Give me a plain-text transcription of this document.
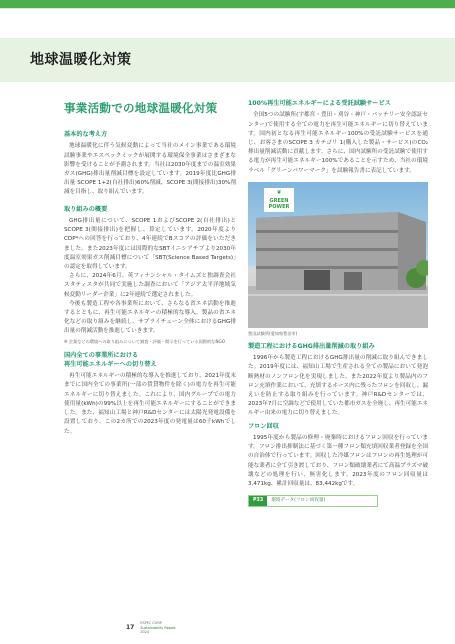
地球温暖化対策
事業活動での地球温暖化対策
基本的な考え方

地球温暖化に伴う気候変動によって当社のメイン事業である環境試験事業やエスペックミックが展開する環境保全事業はさまざまな影響を受けることが予測されます。当社は2030年度までの温室効果ガス(GHG)排出量削減目標を設定しています。2019年度比GHG排出量 SCOPE 1+2(自社排出)60%削減、SCOPE 3(間接排出)30%削減を目指し、取り組んでいます。

取り組みの概要

GHG排出量について、SCOPE 1およびSCOPE 2(自社排出)とSCOPE 3(間接排出)を把握し、算定しています。2020年度よりCDP*への回答を行っており、4年連続でBスコアの評価をいただきました。また2023年度には国際的なSBTイニシアチブより2030年度温室効果ガス削減目標について「SBT(Science Based Targets)」の認定を取得しています。

さらに、2024年6月、英フィナンシャル・タイムズと独調査会社スタティスタが共同で実施した調査において「アジア太平洋地域気候変動リーダー企業」に2年連続で選定されました。

今後も製造工程や各事業所において、さらなる省エネ活動を推進するとともに、再生可能エネルギーの積極的な導入、製品の省エネ化などの取り組みを継続し、サプライチェーン全体におけるGHG排出量の削減活動を推進していきます。

※ 企業などの環境への取り組みについて調査・評価・開示を行っている国際的なNGO

国内全ての事業所における
再生可能エネルギーへの切り替え

再生可能エネルギーの積極的な導入を推進しており、2021年度末までに国内全ての事業所(一部の賃貸物件を除く)の電力を再生可能エネルギーに切り替えました。これにより、国内グループでの電力使用量(kWh)の99%以上を再生可能エネルギーにすることができました。また、福知山工場と神戸R&Dセンターには太陽光発電設備を設置しており、この2カ所での2023年度の発電量は60千kWhでした。

100%再生可能エネルギーによる受託試験サービス

全国5つの試験所(宇都宮・豊田・刈谷・神戸・バッテリー安全認証センター)で使用する全ての電力を再生可能エネルギーに切り替えています。国内初となる再生可能エネルギー100%の受託試験サービスを通じ、お客さまのSCOPE 3 カテゴリ 1(購入した製品・サービス)のCO₂排出量削減活動に貢献します。さらに、国内試験所の受託試験で使用する電力が再生可能エネルギー100%であることを示すため、当社の環境ラベル「グリーンパワーマーク」を試験報告書に表記しています。

❦
GREEN
POWER
豊田試験所(愛知県豊田市)
製造工程におけるGHG排出量削減の取り組み

1996年から製造工程におけるGHG排出量の削減に取り組んできました。2019年度には、福知山工場で生産される全ての製品において発泡断熱材のノンフロン化を実現しました。また2022年度より製品内のフロン充填作業において、充填するホース内に残ったフロンを回収し、漏えいを防止する取り組みを行っています。神戸R&Dセンターでは、2023年7月に空調などで使用していた都市ガスを全廃し、再生可能エネルギー由来の電力に切り替えました。

フロン回収

1995年度から製品の修理・廃棄時におけるフロン回収を行っています。フロン排出抑制法に基づく第一種フロン類充填回収業者登録を全国の自治体で行っています。回収した冷媒フロンはフロンの再生処理が可能な業者に全て引き渡しており、フロン類破壊業者にて高温プラズマ破壊などの処理を行い、無害化します。2023年度のフロン回収量は3,471kg、累計回収量は、83,442kgです。

P33	環境データ(フロン回収量)
17
ESPEC CORP.
Sustainability Report
2024
